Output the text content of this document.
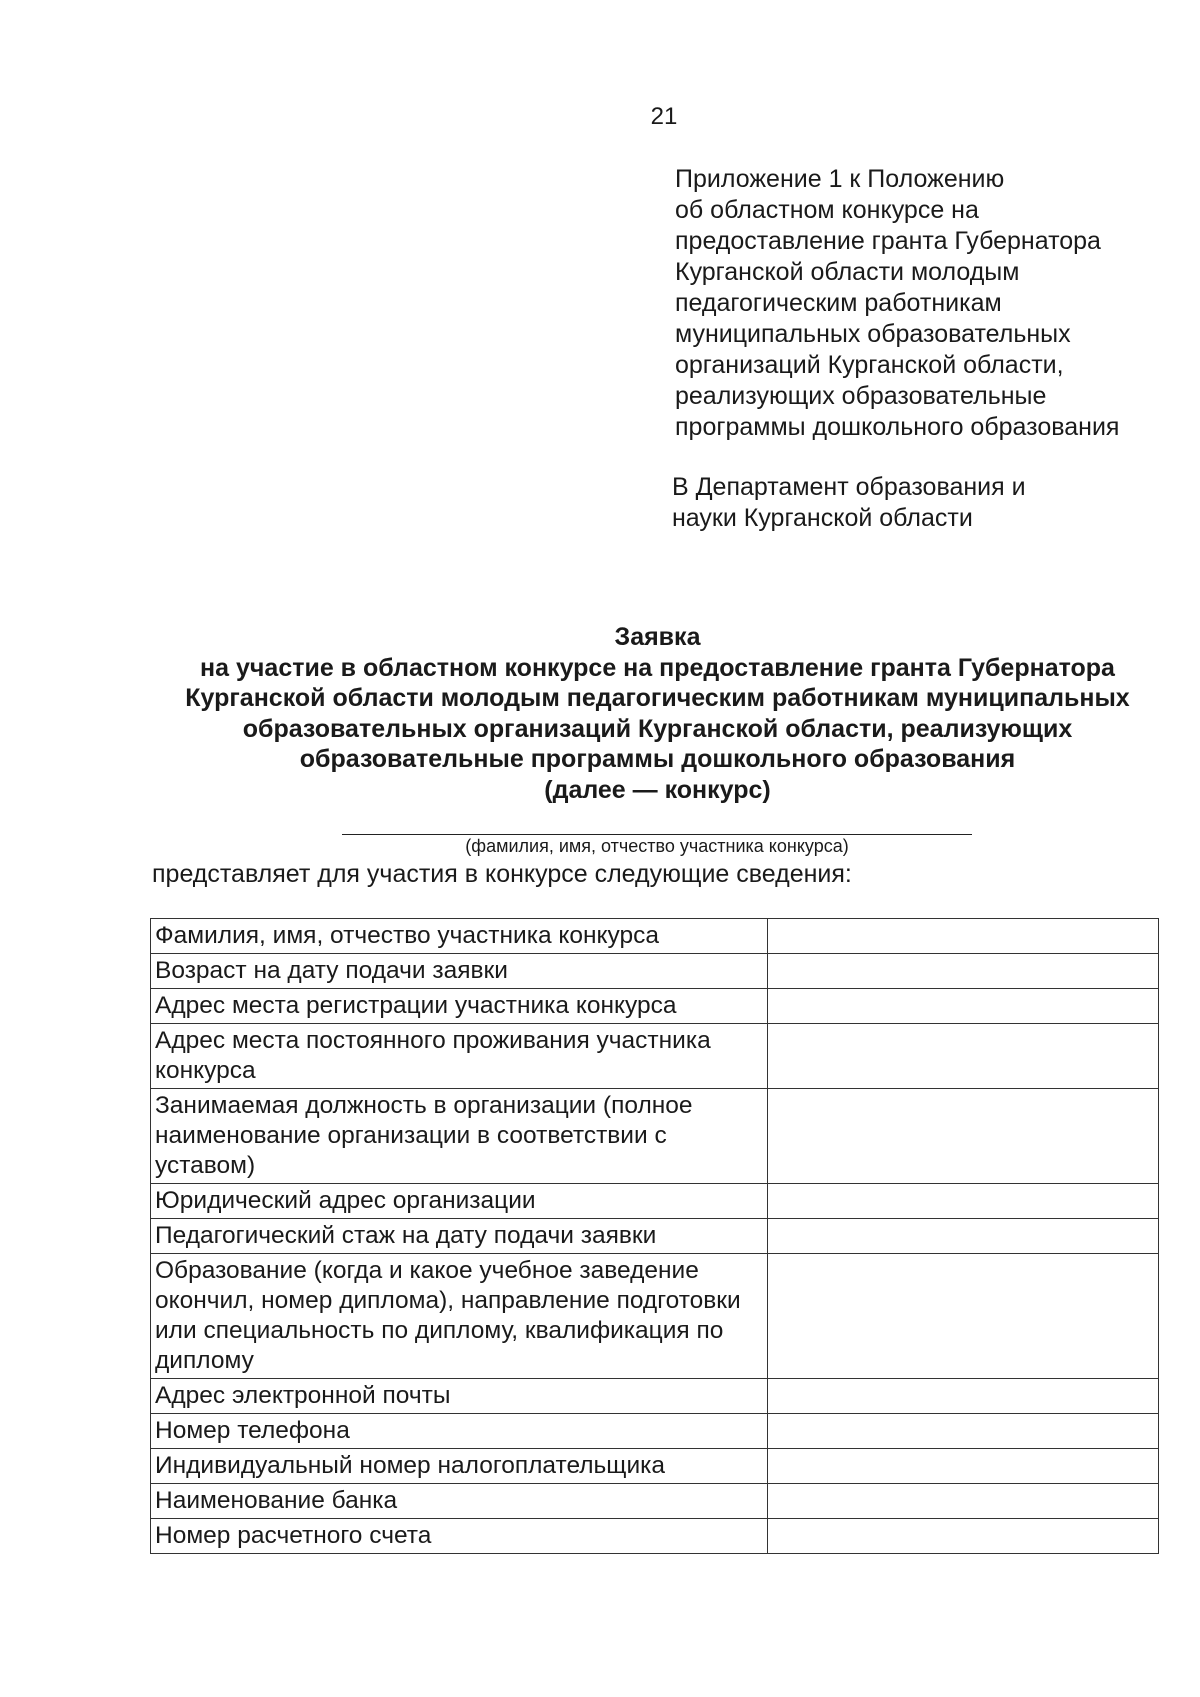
21
Приложение 1 к Положению
об областном конкурсе на
предоставление гранта Губернатора
Курганской области молодым
педагогическим работникам
муниципальных образовательных
организаций Курганской области,
реализующих образовательные
программы дошкольного образования
В Департамент образования и
науки Курганской области
Заявка
на участие в областном конкурсе на предоставление гранта Губернатора
Курганской области молодым педагогическим работникам муниципальных
образовательных организаций Курганской области, реализующих
образовательные программы дошкольного образования
(далее — конкурс)
(фамилия, имя, отчество участника конкурса)
представляет для участия в конкурсе следующие сведения:
Фамилия, имя, отчество участника конкурса	
Возраст на дату подачи заявки	
Адрес места регистрации участника конкурса	
Адрес места постоянного проживания участника конкурса	
Занимаемая должность в организации (полное наименование организации в соответствии с уставом)	
Юридический адрес организации	
Педагогический стаж на дату подачи заявки	
Образование (когда и какое учебное заведение окончил, номер диплома), направление подготовки или специальность по диплому, квалификация по диплому	
Адрес электронной почты	
Номер телефона	
Индивидуальный номер налогоплательщика	
Наименование банка	
Номер расчетного счета	
